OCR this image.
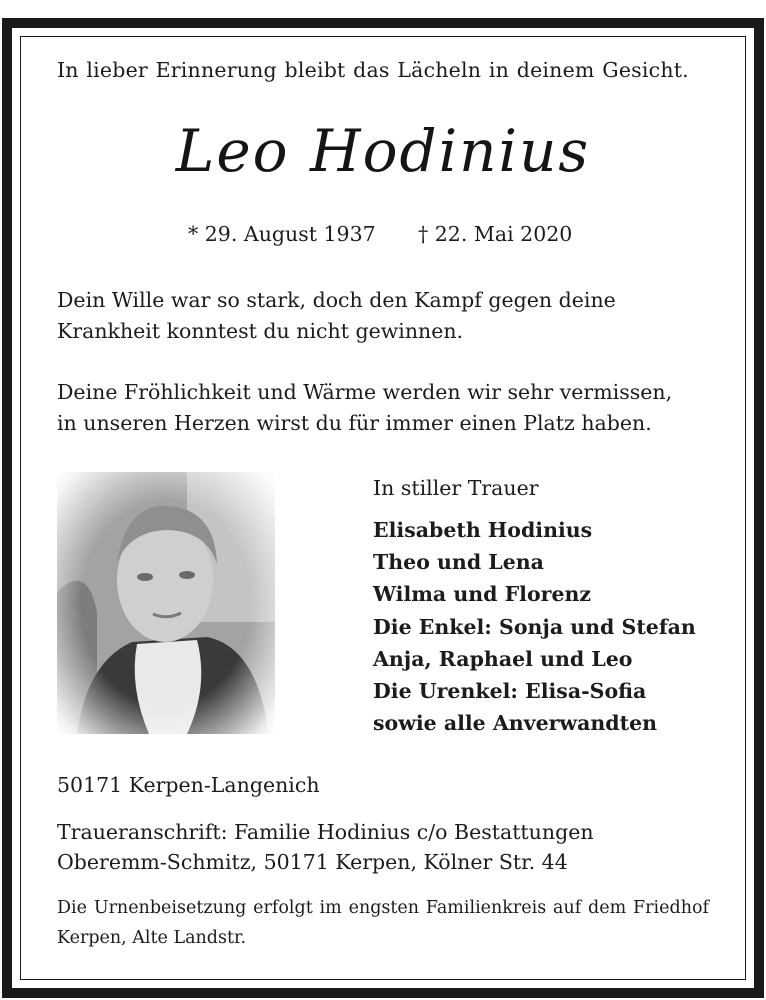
In lieber Erinnerung bleibt das Lächeln in deinem Gesicht.
Leo Hodinius
* 29. August 1937 † 22. Mai 2020
Dein Wille war so stark, doch den Kampf gegen deine
Krankheit konntest du nicht gewinnen.
Deine Fröhlichkeit und Wärme werden wir sehr vermissen,
in unseren Herzen wirst du für immer einen Platz haben.
In stiller Trauer
Elisabeth Hodinius
Theo und Lena
Wilma und Florenz
Die Enkel: Sonja und Stefan
Anja, Raphael und Leo
Die Urenkel: Elisa-Sofia
sowie alle Anverwandten
50171 Kerpen-Langenich
Traueranschrift: Familie Hodinius c/o Bestattungen
Oberemm-Schmitz, 50171 Kerpen, Kölner Str. 44
Die Urnenbeisetzung erfolgt im engsten Familienkreis auf dem Friedhof Kerpen, Alte Landstr.
